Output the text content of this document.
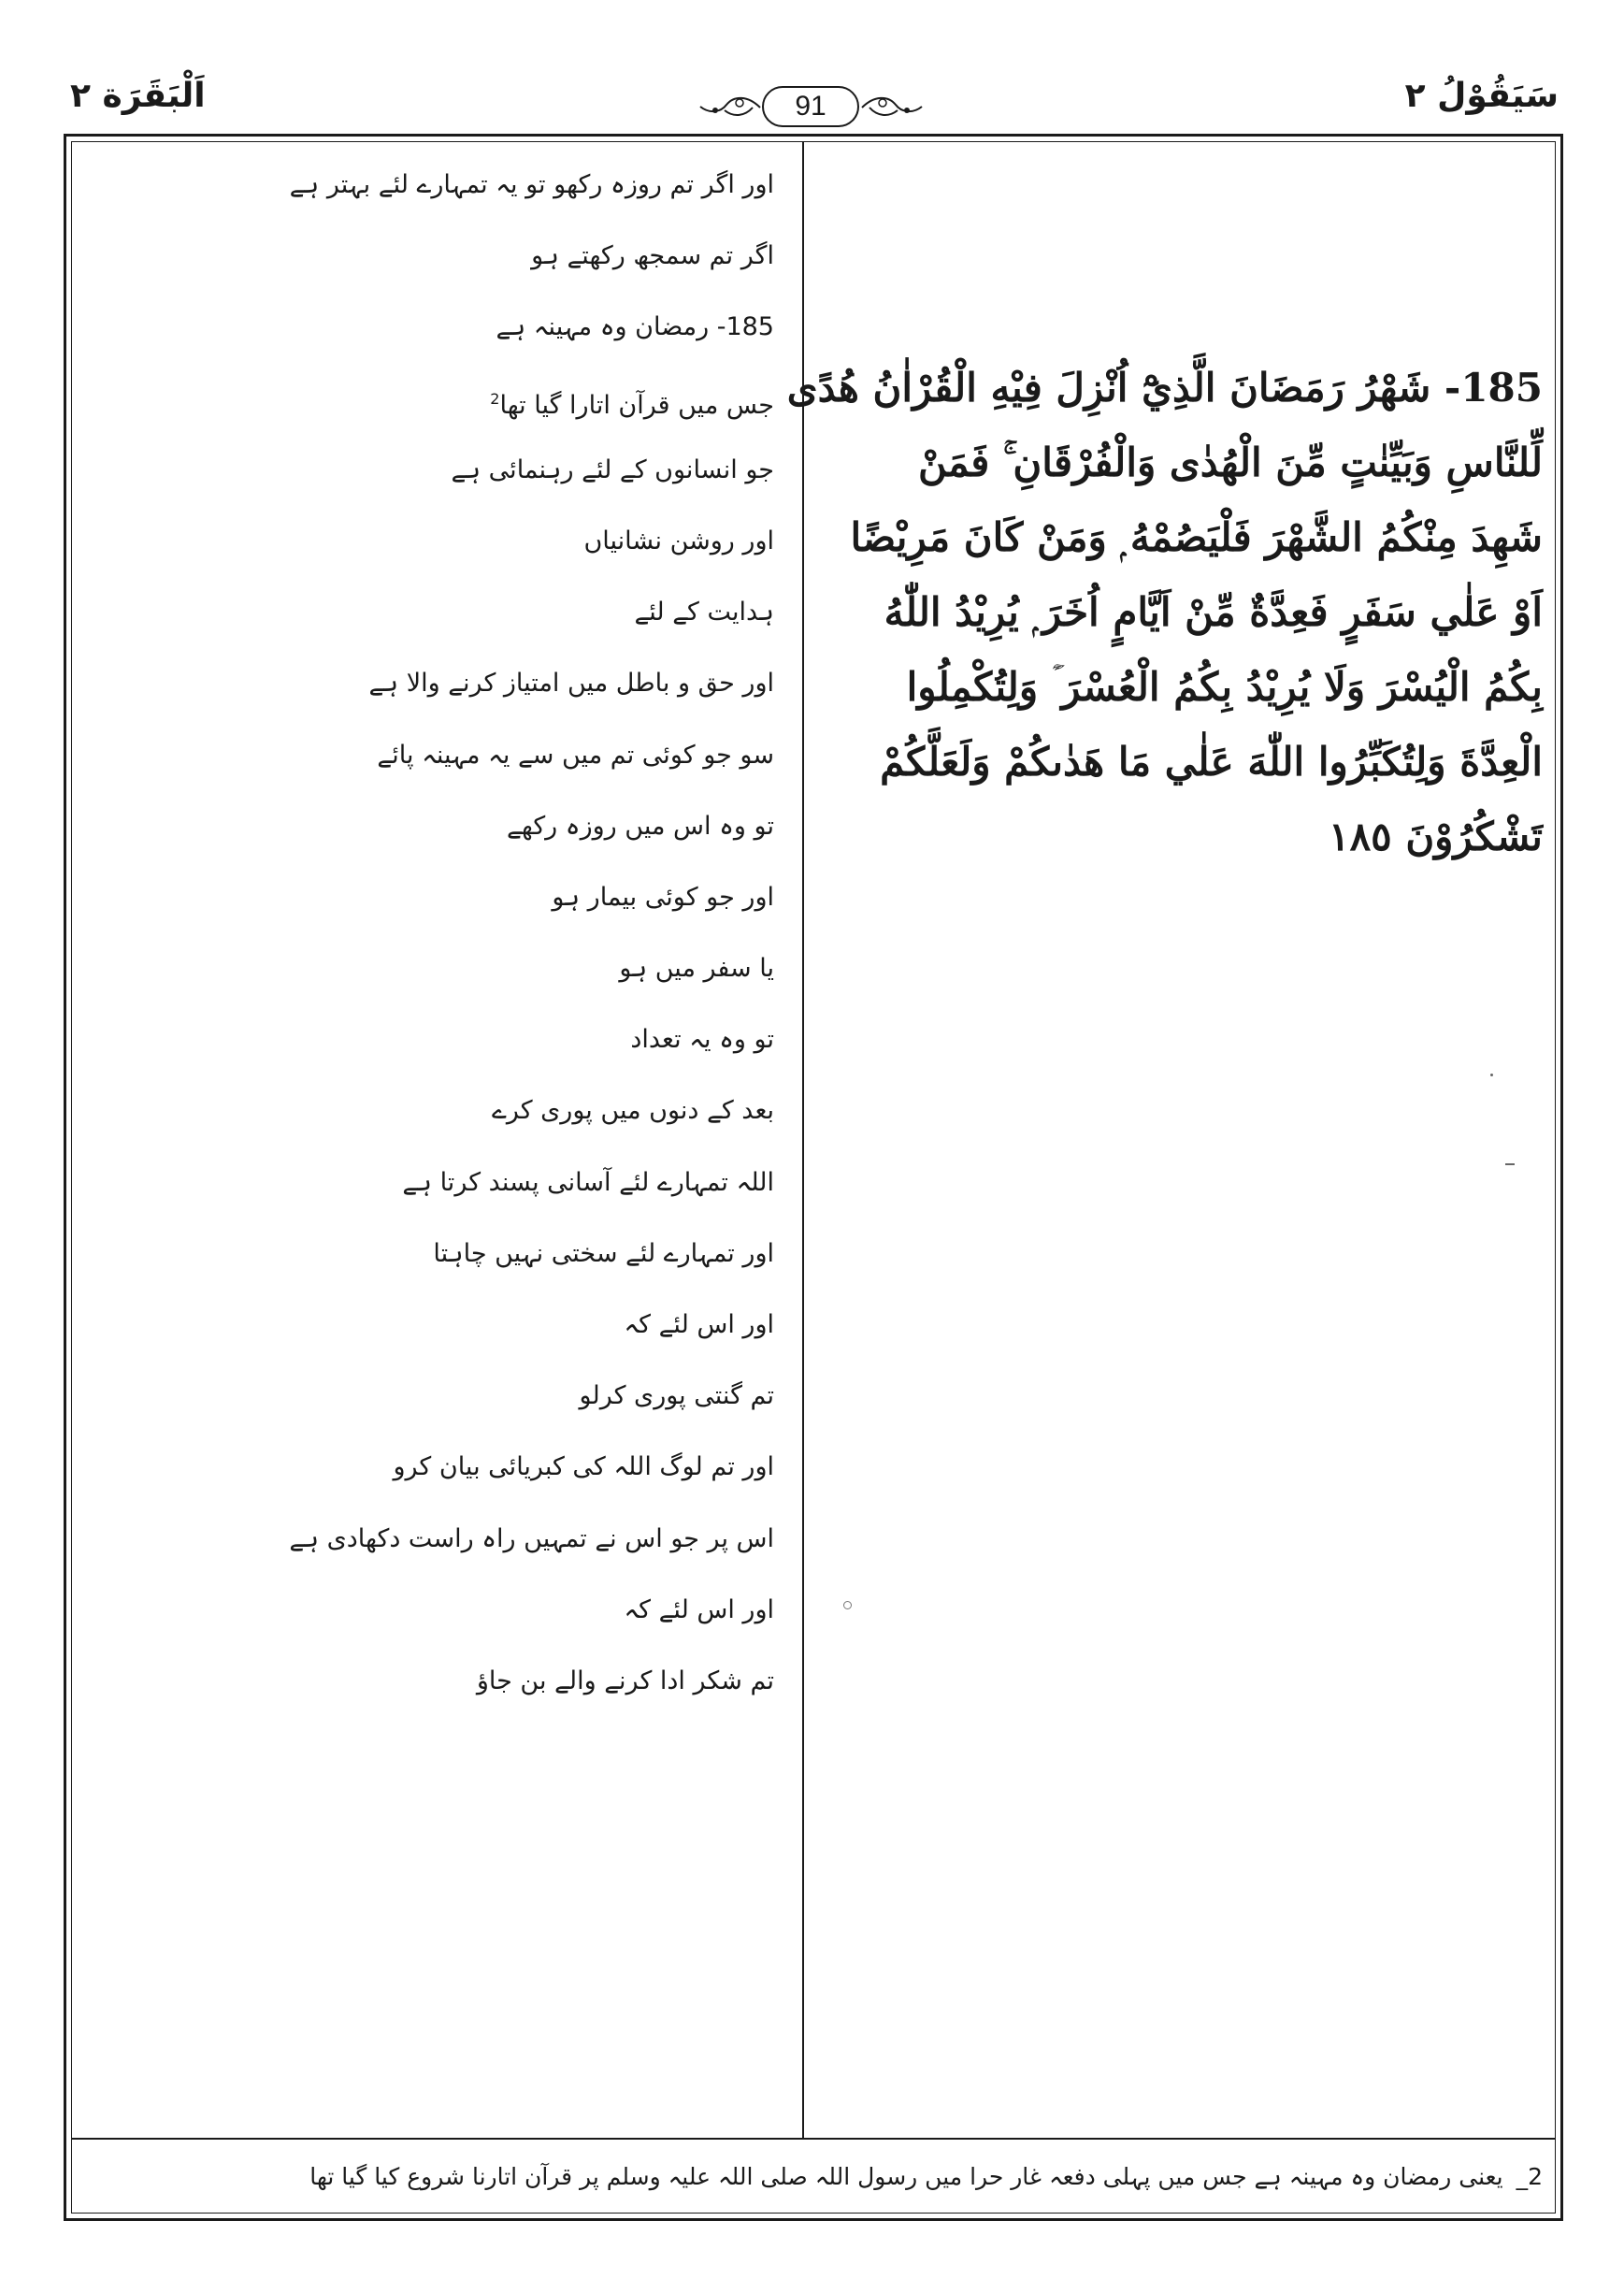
اَلْبَقَرَة ٢	91	سَيَقُوْلُ ٢
185- شَهْرُ رَمَضَانَ الَّذِيْٓ اُنْزِلَ فِيْهِ الْقُرْاٰنُ هُدًى
لِّلنَّاسِ وَبَيِّنٰتٍ مِّنَ الْهُدٰى وَالْفُرْقَانِ ۚ فَمَنْ
شَهِدَ مِنْكُمُ الشَّهْرَ فَلْيَصُمْهُ ۭ وَمَنْ كَانَ مَرِيْضًا
اَوْ عَلٰي سَفَرٍ فَعِدَّةٌ مِّنْ اَيَّامٍ اُخَرَ ۭ يُرِيْدُ اللّٰهُ
بِكُمُ الْيُسْرَ وَلَا يُرِيْدُ بِكُمُ الْعُسْرَ ۡ وَلِتُكْمِلُوا
الْعِدَّةَ وَلِتُكَبِّرُوا اللّٰهَ عَلٰي مَا هَدٰىكُمْ وَلَعَلَّكُمْ
تَشْكُرُوْنَ ١٨٥
اور اگر تم روزہ رکھو تو یہ تمہارے لئے بہتر ہے
اگر تم سمجھ رکھتے ہو
185- رمضان وہ مہینہ ہے
جس میں قرآن اتارا گیا تھا$^2$
جو انسانوں کے لئے رہنمائی ہے
اور روشن نشانیاں
ہدایت کے لئے
اور حق و باطل میں امتیاز کرنے والا ہے
سو جو کوئی تم میں سے یہ مہینہ پائے
تو وہ اس میں روزہ رکھے
اور جو کوئی بیمار ہو
یا سفر میں ہو
تو وہ یہ تعداد
بعد کے دنوں میں پوری کرے
اللہ تمہارے لئے آسانی پسند کرتا ہے
اور تمہارے لئے سختی نہیں چاہتا
اور اس لئے کہ
تم گنتی پوری کرلو
اور تم لوگ اللہ کی کبریائی بیان کرو
اس پر جو اس نے تمہیں راہ راست دکھادی ہے
اور اس لئے کہ
تم شکر ادا کرنے والے بن جاؤ
2_ یعنی رمضان وہ مہینہ ہے جس میں پہلی دفعہ غار حرا میں رسول اللہ صلی اللہ علیہ وسلم پر قرآن اتارنا شروع کیا گیا تھا
